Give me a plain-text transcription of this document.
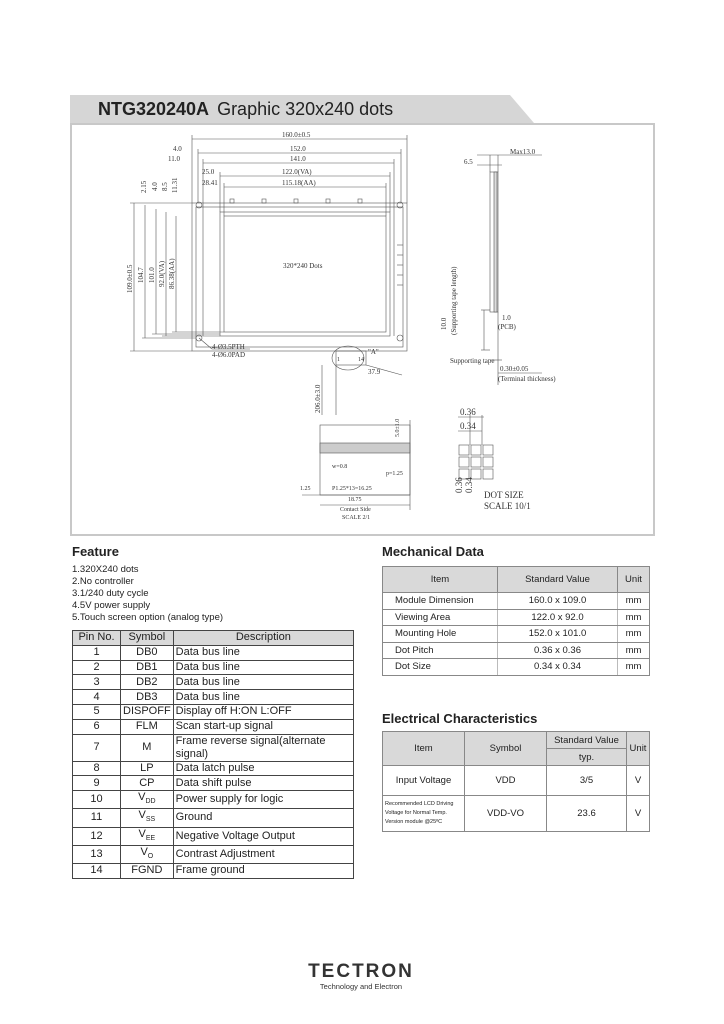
NTG320240A Graphic 320x240 dots
160.0±0.5
152.0
141.0
122.0(VA)
115.18(AA)
4.0
11.0
25.0
28.41
109.0±0.5 104.7 101.0 92.0(VA) 86.38(AA)
2.15 4.0 8.5 11.31
320*240 Dots
4-Ø3.5PTH
4-Ø6.0PAD	"A"
1	14
37.9
206.0±3.0
Max13.0
6.5
1.0
(PCB)
10.0 (Supporting tape length)
Supporting tape
0.30±0.05
(Terminal thickness)
w=0.8
p=1.25
5.0±1.0
1.25	P1.25*13=16.25
18.75
Contact Side
SCALE 2/1
0.36
0.34
0.36 0.34
DOT SIZE
SCALE 10/1
Feature
1.320X240 dots
2.No controller
3.1/240 duty cycle
4.5V power supply
5.Touch screen option (analog type)
Pin No.	Symbol	Description
1	DB0	Data bus line
2	DB1	Data bus line
3	DB2	Data bus line
4	DB3	Data bus line
5	DISPOFF	Display off H:ON L:OFF
6	FLM	Scan start-up signal
7	M	Frame reverse signal(alternate signal)
8	LP	Data latch pulse
9	CP	Data shift pulse
10	$V_{DD}$	Power supply for logic
11	$V_{SS}$	Ground
12	$V_{EE}$	Negative Voltage Output
13	$V_O$	Contrast Adjustment
14	FGND	Frame ground
Mechanical Data
Item	Standard Value	Unit
Module Dimension	160.0 x 109.0	mm
Viewing Area	122.0 x 92.0	mm
Mounting Hole	152.0 x 101.0	mm
Dot Pitch	0.36 x 0.36	mm
Dot Size	0.34 x 0.34	mm
Electrical Characteristics
Item	Symbol	Standard Value	Unit
		typ.	
Input Voltage	VDD	3/5	V
Recommended LCD Driving Voltage for Normal Temp. Version module @25ºC	VDD-VO	23.6	V
TECTRON
Technology and Electron
